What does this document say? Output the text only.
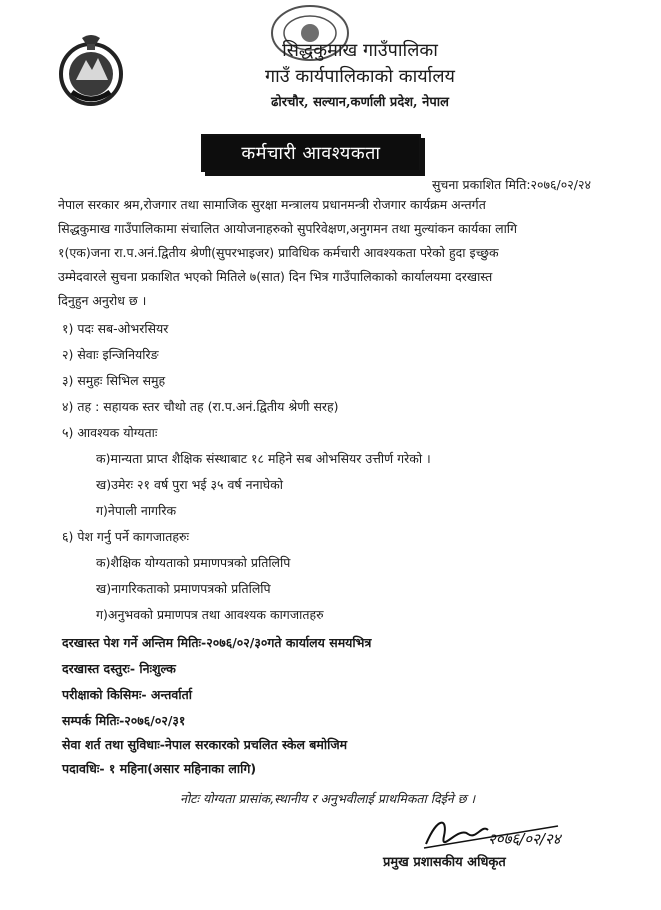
सिद्धकुमाख गाउँपालिका
गाउँ कार्यपालिकाको कार्यालय
ढोरचौर, सल्यान,कर्णाली प्रदेश, नेपाल
कर्मचारी आवश्यकता
सुचना प्रकाशित मिति:२०७६/०२/२४
नेपाल सरकार श्रम,रोजगार तथा सामाजिक सुरक्षा मन्त्रालय प्रधानमन्त्री रोजगार कार्यक्रम अन्तर्गत
सिद्धकुमाख गाउँपालिकामा संचालित आयोजनाहरुको सुपरिवेक्षण,अनुगमन तथा मुल्यांकन कार्यका लागि
१(एक)जना रा.प.अनं.द्वितीय श्रेणी(सुपरभाइजर) प्राविधिक कर्मचारी आवश्यकता परेको हुदा इच्छुक
उम्मेदवारले सुचना प्रकाशित भएको मितिले ७(सात) दिन भित्र गाउँपालिकाको कार्यालयमा दरखास्त
दिनुहुन अनुरोध छ ।
१) पदः सब-ओभरसियर
२) सेवाः इन्जिनियरिङ
३) समुहः सिभिल समुह
४) तह : सहायक स्तर चौथो तह (रा.प.अनं.द्वितीय श्रेणी सरह)
५) आवश्यक योग्यताः
क)मान्यता प्राप्त शैक्षिक संस्थाबाट १८ महिने सब ओभसियर उत्तीर्ण गरेको ।
ख)उमेरः २१ वर्ष पुरा भई ३५ वर्ष ननाघेको
ग)नेपाली नागरिक
६) पेश गर्नु पर्ने कागजातहरुः
क)शैक्षिक योग्यताको प्रमाणपत्रको प्रतिलिपि
ख)नागरिकताको प्रमाणपत्रको प्रतिलिपि
ग)अनुभवको प्रमाणपत्र तथा आवश्यक कागजातहरु
दरखास्त पेश गर्ने अन्तिम मितिः-२०७६/०२/३०गते कार्यालय समयभित्र
दरखास्त दस्तुरः- निःशुल्क
परीक्षाको किसिमः- अन्तर्वार्ता
सम्पर्क मितिः-२०७६/०२/३१
सेवा शर्त तथा सुविधाः-नेपाल सरकारको प्रचलित स्केल बमोजिम
पदावधिः- १ महिना(असार महिनाका लागि)
नोटः योग्यता प्रासांक,स्थानीय र अनुभवीलाई प्राथमिकता दिईने छ ।
२०७६/०२/२४
प्रमुख प्रशासकीय अधिकृत
